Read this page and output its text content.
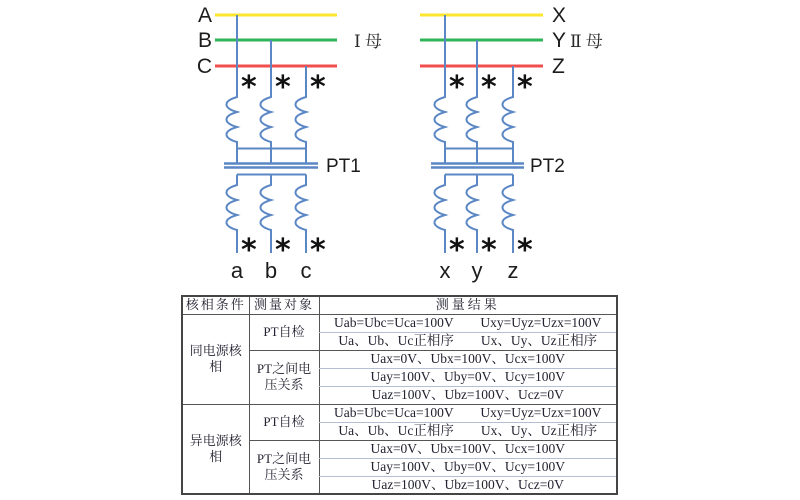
A
B
C
Ⅰ 母
PT1
a b c
X
Y
Z
Ⅱ 母
PT2
x y z
* * *
* * *
* * *
* * *
核相条件	测量对象	测量结果
同电源核相	PT自检	Uab=Ubc=Uca=100V　　Uxy=Uyz=Uzx=100V
		Ua、Ub、Uc正相序　　Ux、Uy、Uz正相序
	PT之间电压关系	Uax=0V、Ubx=100V、Ucx=100V
		Uay=100V、Uby=0V、Ucy=100V
		Uaz=100V、Ubz=100V、Ucz=0V
异电源核相	PT自检	Uab=Ubc=Uca=100V　　Uxy=Uyz=Uzx=100V
		Ua、Ub、Uc正相序　　Ux、Uy、Uz正相序
	PT之间电压关系	Uax=0V、Ubx=100V、Ucx=100V
		Uay=100V、Uby=0V、Ucy=100V
		Uaz=100V、Ubz=100V、Ucz=0V
